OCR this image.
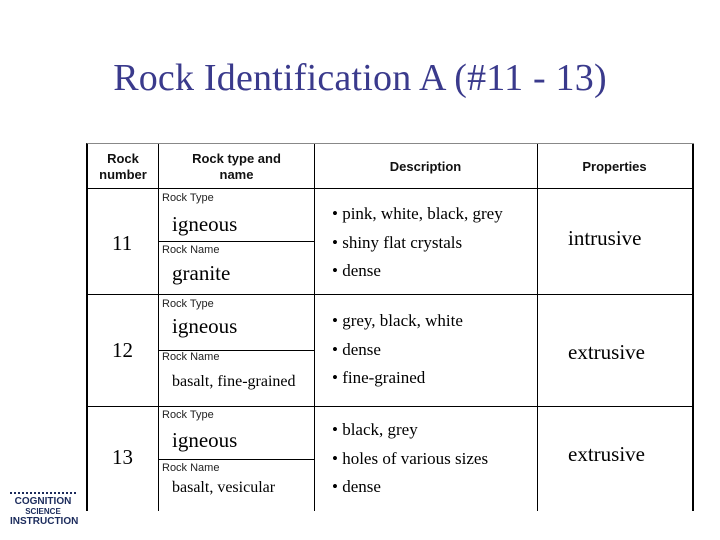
Rock Identification A (#11 - 13)
Rock number
Rock type and name
Description	Properties
11
Rock Type
igneous
Rock Name
granite
• pink, white, black, grey
• shiny flat crystals
• dense
intrusive
12
Rock Type
igneous
Rock Name
basalt, fine-grained
• grey, black, white
• dense
• fine-grained
extrusive
13
Rock Type
igneous
Rock Name
basalt, vesicular
• black, grey
• holes of various sizes
• dense
extrusive
COGNITION
SCIENCE
INSTRUCTION
